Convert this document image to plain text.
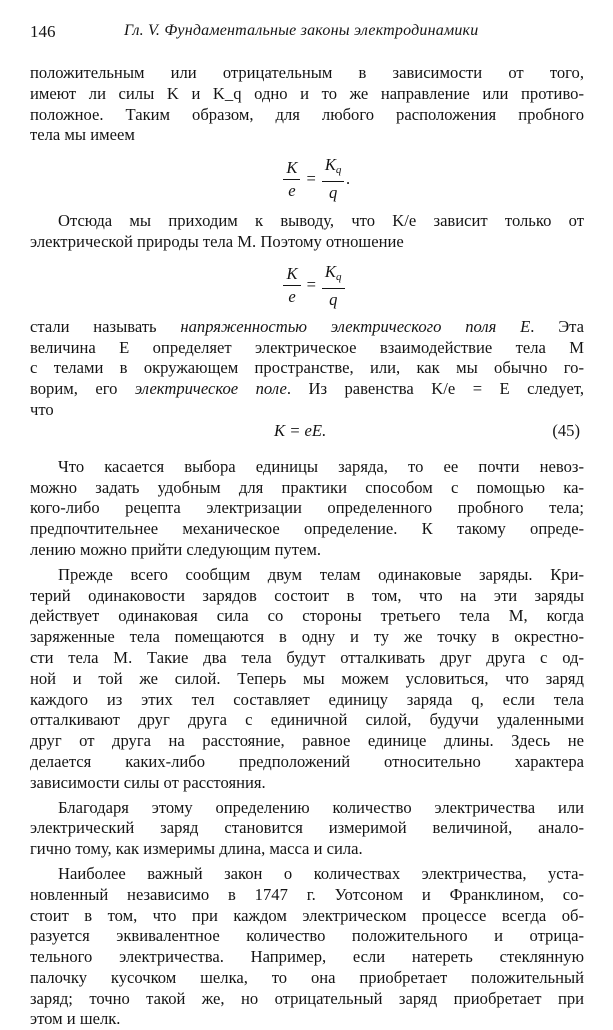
146	Гл. V. Фундаментальные законы электродинамики

положительным или отрицательным в зависимости от того,

имеют ли силы K и K_q одно и то же направление или противо-

положное. Таким образом, для любого расположения пробного

тела мы имеем

$\frac{K}{e} = \frac{K_q}{q}$ .

Отсюда мы приходим к выводу, что K/e зависит только от

электрической природы тела M. Поэтому отношение

$\frac{K}{e} = \frac{K_q}{q}$

стали называть напряженностью электрического поля E. Эта

величина E определяет электрическое взаимодействие тела M

с телами в окружающем пространстве, или, как мы обычно го-

ворим, его электрическое поле. Из равенства K/e = E следует,

что

K = eE.	(45)

Что касается выбора единицы заряда, то ее почти невоз-

можно задать удобным для практики способом с помощью ка-

кого-либо рецепта электризации определенного пробного тела;

предпочтительнее механическое определение. К такому опреде-

лению можно прийти следующим путем.

Прежде всего сообщим двум телам одинаковые заряды. Кри-

терий одинаковости зарядов состоит в том, что на эти заряды

действует одинаковая сила со стороны третьего тела M, когда

заряженные тела помещаются в одну и ту же точку в окрестно-

сти тела M. Такие два тела будут отталкивать друг друга с од-

ной и той же силой. Теперь мы можем условиться, что заряд

каждого из этих тел составляет единицу заряда q, если тела

отталкивают друг друга с единичной силой, будучи удаленными

друг от друга на расстояние, равное единице длины. Здесь не

делается каких-либо предположений относительно характера

зависимости силы от расстояния.

Благодаря этому определению количество электричества или

электрический заряд становится измеримой величиной, анало-

гично тому, как измеримы длина, масса и сила.

Наиболее важный закон о количествах электричества, уста-

новленный независимо в 1747 г. Уотсоном и Франклином, со-

стоит в том, что при каждом электрическом процессе всегда об-

разуется эквивалентное количество положительного и отрица-

тельного электричества. Например, если натереть стеклянную

палочку кусочком шелка, то она приобретает положительный

заряд; точно такой же, но отрицательный заряд приобретает при

этом и шелк.
